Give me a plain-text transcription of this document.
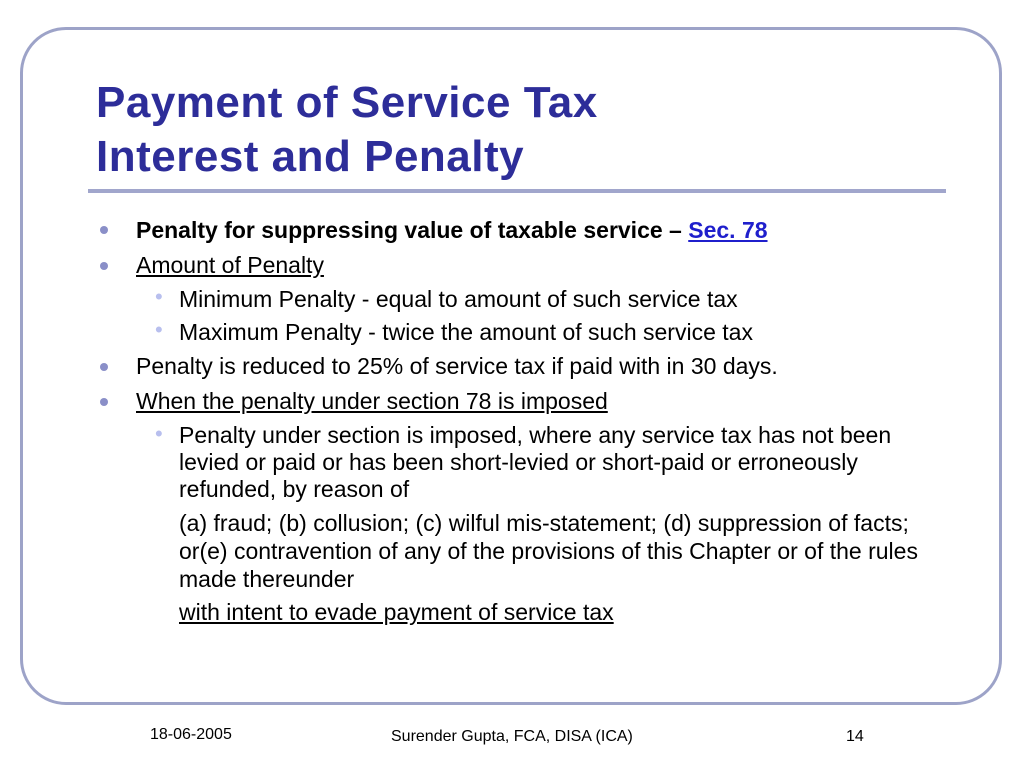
Payment of Service Tax
Interest and Penalty
Penalty for suppressing value of taxable service – Sec. 78
Amount of Penalty
• Minimum Penalty - equal to amount of such service tax
• Maximum Penalty - twice the amount of such service tax
Penalty is reduced to 25% of service tax if paid with in 30 days.
When the penalty under section 78 is imposed
• Penalty under section is imposed, where any service tax has not been levied or paid or has been short-levied or short-paid or erroneously refunded, by reason of
(a) fraud; (b) collusion; (c) wilful mis-statement; (d) suppression of facts; or(e) contravention of any of the provisions of this Chapter or of the rules made thereunder
with intent to evade payment of service tax
18-06-2005	Surender Gupta, FCA, DISA (ICA)	14
